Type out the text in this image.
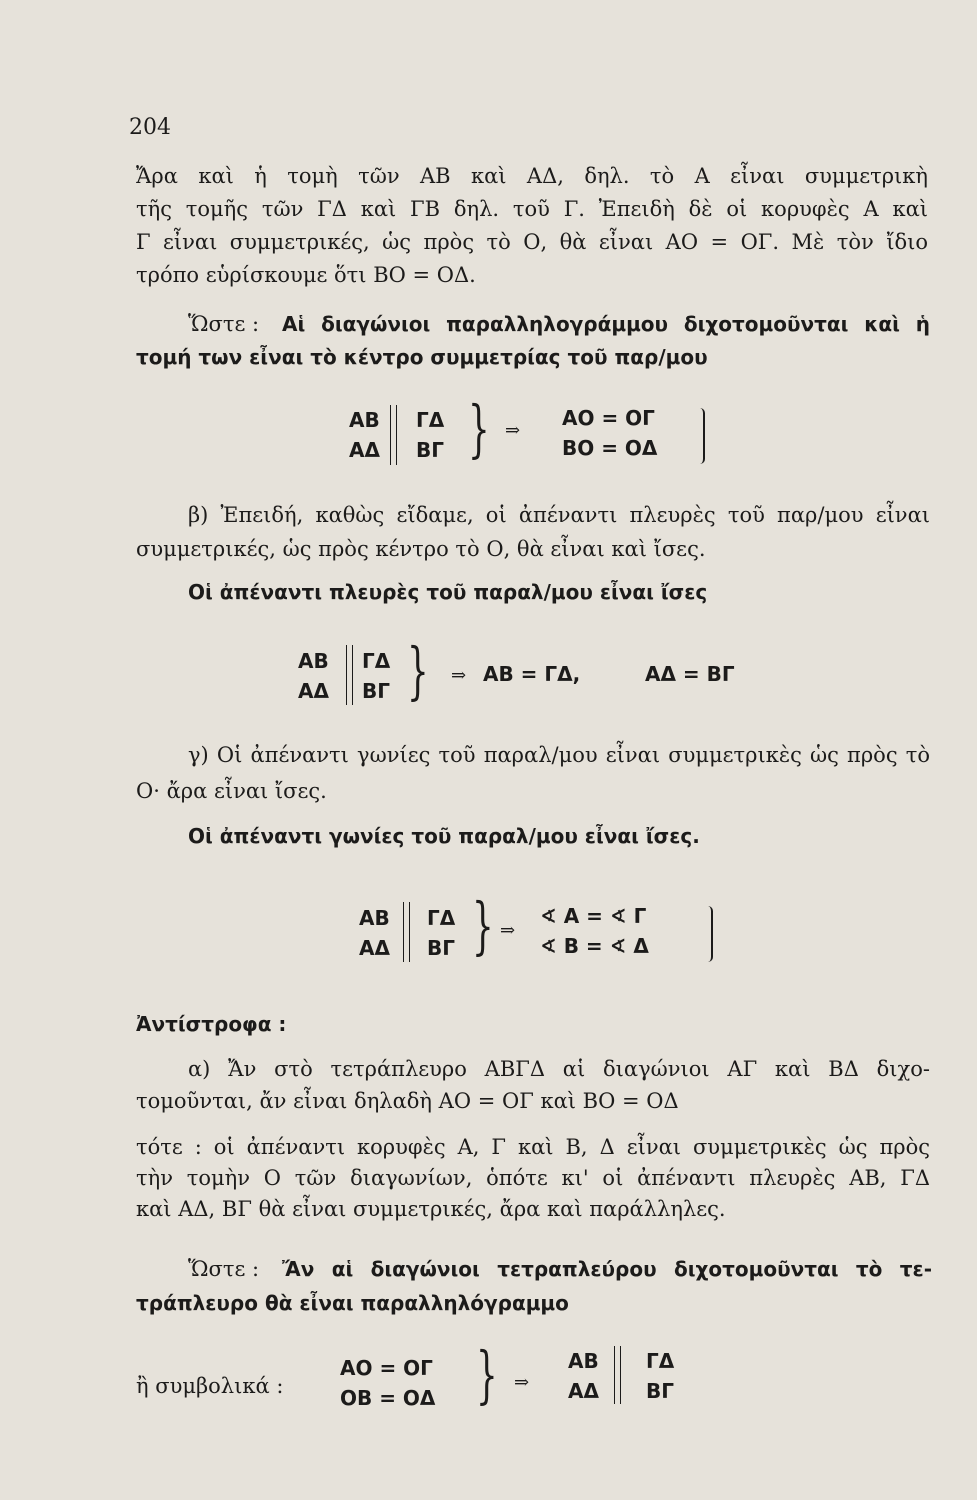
204
Ἄρα καὶ ἡ τομὴ τῶν ΑΒ καὶ ΑΔ, δηλ. τὸ Α εἶναι συμμετρικὴ
τῆς τομῆς τῶν ΓΔ καὶ ΓΒ δηλ. τοῦ Γ. Ἐπειδὴ δὲ οἱ κορυφὲς Α καὶ
Γ εἶναι συμμετρικές, ὡς πρὸς τὸ Ο, θὰ εἶναι ΑΟ = ΟΓ. Μὲ τὸν ἴδιο
τρόπο εὑρίσκουμε ὅτι ΒΟ = ΟΔ.
Ὥστε : Αἱ διαγώνιοι παραλληλογράμμου διχοτομοῦνται καὶ ἡ
τομή των εἶναι τὸ κέντρο συμμετρίας τοῦ παρ/μου
ΑΒ ΓΔ
ΑΔ ΒΓ } ⇒
ΑΟ = ΟΓ
ΒΟ = ΟΔ
β) Ἐπειδή, καθὼς εἴδαμε, οἱ ἀπέναντι πλευρὲς τοῦ παρ/μου εἶναι
συμμετρικές, ὡς πρὸς κέντρο τὸ Ο, θὰ εἶναι καὶ ἴσες.
Οἱ ἀπέναντι πλευρὲς τοῦ παραλ/μου εἶναι ἴσες
ΑΒ ΓΔ
ΑΔ ΒΓ } ⇒ ΑΒ = ΓΔ,	ΑΔ = ΒΓ
γ) Οἱ ἀπέναντι γωνίες τοῦ παραλ/μου εἶναι συμμετρικὲς ὡς πρὸς τὸ
Ο· ἄρα εἶναι ἴσες.
Οἱ ἀπέναντι γωνίες τοῦ παραλ/μου εἶναι ἴσες.
ΑΒ ΓΔ
ΑΔ ΒΓ } ⇒
∢ Α = ∢ Γ
∢ Β = ∢ Δ
Ἀντίστροφα :
α) Ἄν στὸ τετράπλευρο ΑΒΓΔ αἱ διαγώνιοι ΑΓ καὶ ΒΔ διχο-
τομοῦνται, ἄν εἶναι δηλαδὴ ΑΟ = ΟΓ καὶ ΒΟ = ΟΔ
τότε : οἱ ἀπέναντι κορυφὲς Α, Γ καὶ Β, Δ εἶναι συμμετρικὲς ὡς πρὸς
τὴν τομὴν Ο τῶν διαγωνίων, ὁπότε κι' οἱ ἀπέναντι πλευρὲς ΑΒ, ΓΔ
καὶ ΑΔ, ΒΓ θὰ εἶναι συμμετρικές, ἄρα καὶ παράλληλες.
Ὥστε : Ἄν αἱ διαγώνιοι τετραπλεύρου διχοτομοῦνται τὸ τε-
τράπλευρο θὰ εἶναι παραλληλόγραμμο
ἢ συμβολικά :
ΑΟ = ΟΓ
ΟΒ = ΟΔ } ⇒
ΑΒ ΓΔ
ΑΔ ΒΓ
